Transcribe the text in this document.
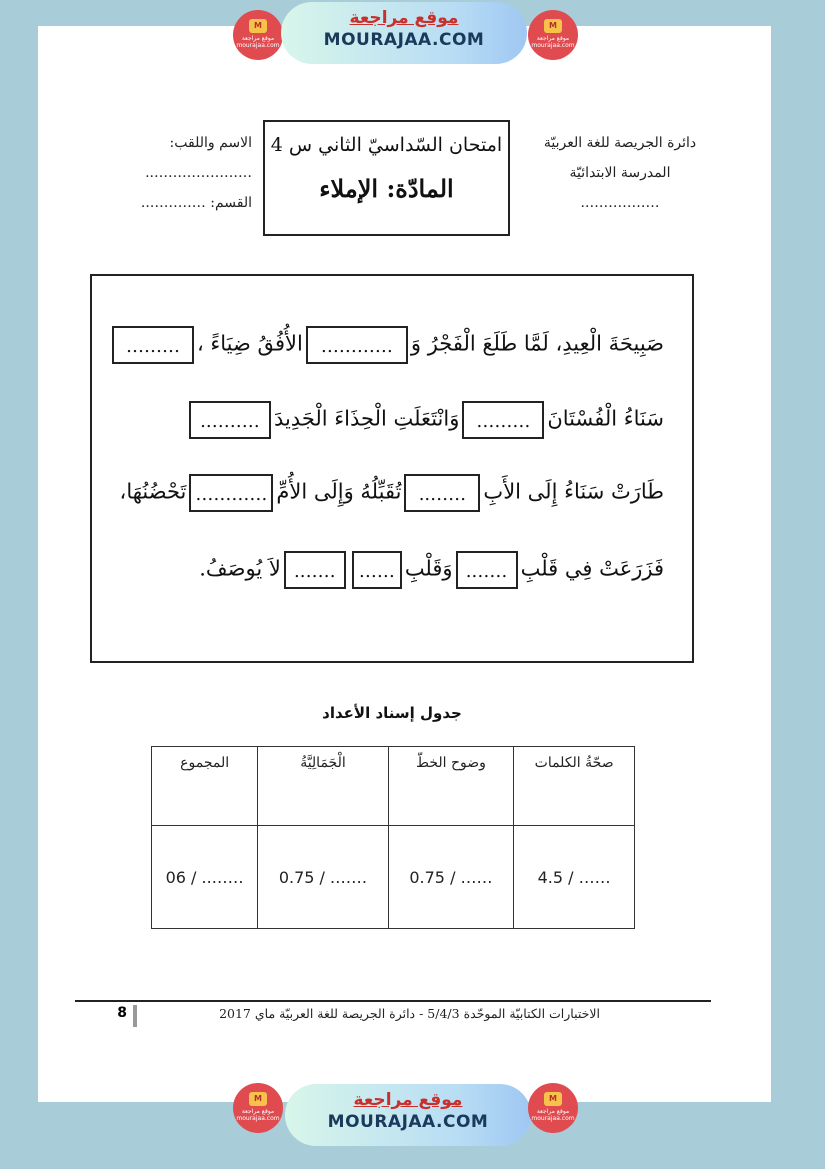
M
موقع مراجعة mourajaa.com
موقع مراجعة
MOURAJAA.COM
M
موقع مراجعة mourajaa.com
دائرة الجريصة للغة العربيّة
المدرسة الابتدائيّة
……………..
امتحان السّداسيّ الثاني س 4
المادّة: الإملاء
الاسم واللقب:
…………………..
القسم: …………..
صَبِيحَةَ الْعِيدِ، لَمَّا طَلَعَ الْفَجْرُ وَ…………الأُفُقُ ضِيَاءً ،………
سَنَاءُ الْفُسْتَانَ………وَانْتَعَلَتِ الْحِذَاءَ الْجَدِيدَ……….
طَارَتْ سَنَاءُ إِلَى الأَبِ……..تُقَبِّلُهُ وَإِلَى الأُمِّ…………تَحْضُنُهَا،
فَزَرَعَتْ فِي قَلْبِ…….وَقَلْبِ………….لاَ يُوصَفُ.
جدول إسناد الأعداد
صحّةُ الكلمات	وضوح الخطّ	الْجَمَالِيَّةُ	المجموع
…… / 4.5	…… / 0.75	……. / 0.75	…….. / 06
8	الاختبارات الكتابيّة الموحّدة 5/4/3 - دائرة الجريصة للغة العربيّة ماي 2017
M
موقع مراجعة mourajaa.com
موقع مراجعة
MOURAJAA.COM
M
موقع مراجعة mourajaa.com
